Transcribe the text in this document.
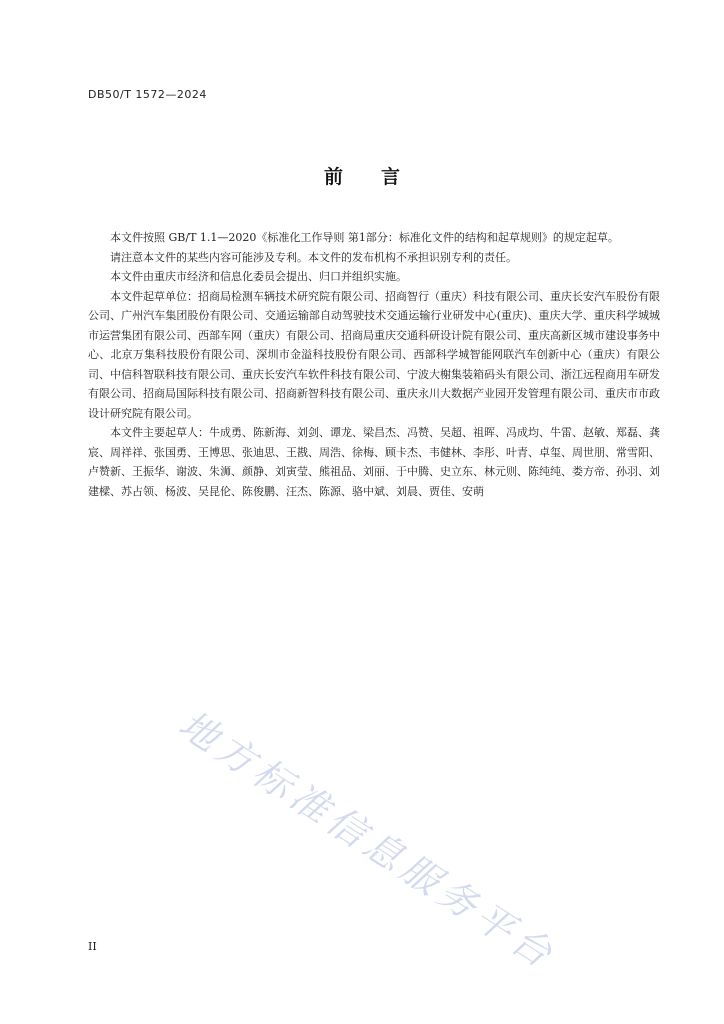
DB50/T 1572—2024
前 言

本文件按照 GB/T 1.1—2020《标准化工作导则 第1部分：标准化文件的结构和起草规则》的规定起草。

请注意本文件的某些内容可能涉及专利。本文件的发布机构不承担识别专利的责任。

本文件由重庆市经济和信息化委员会提出、归口并组织实施。

本文件起草单位：招商局检测车辆技术研究院有限公司、招商智行（重庆）科技有限公司、重庆长安汽车股份有限公司、广州汽车集团股份有限公司、交通运输部自动驾驶技术交通运输行业研发中心(重庆)、重庆大学、重庆科学城城市运营集团有限公司、西部车网（重庆）有限公司、招商局重庆交通科研设计院有限公司、重庆高新区城市建设事务中心、北京万集科技股份有限公司、深圳市金溢科技股份有限公司、西部科学城智能网联汽车创新中心（重庆）有限公司、中信科智联科技有限公司、重庆长安汽车软件科技有限公司、宁波大榭集装箱码头有限公司、浙江远程商用车研发有限公司、招商局国际科技有限公司、招商新智科技有限公司、重庆永川大数据产业园开发管理有限公司、重庆市市政设计研究院有限公司。

本文件主要起草人：牛成勇、陈新海、刘剑、谭龙、梁昌杰、冯赞、吴超、祖晖、冯成均、牛雷、赵敏、郑磊、龚宸、周祥祥、张国勇、王博思、张迪思、王戡、周浩、徐梅、顾卡杰、韦健林、李彤、叶青、卓玺、周世朋、常雪阳、卢赞新、王振华、谢波、朱浉、颜静、刘寅莹、熊祖品、刘丽、于中腾、史立东、林元则、陈纯纯、娄方帝、孙羽、刘建樑、苏占领、杨波、吴昆伦、陈俊鹏、汪杰、陈源、骆中斌、刘晨、贾佳、安萌

地方标准信息服务平台
II
